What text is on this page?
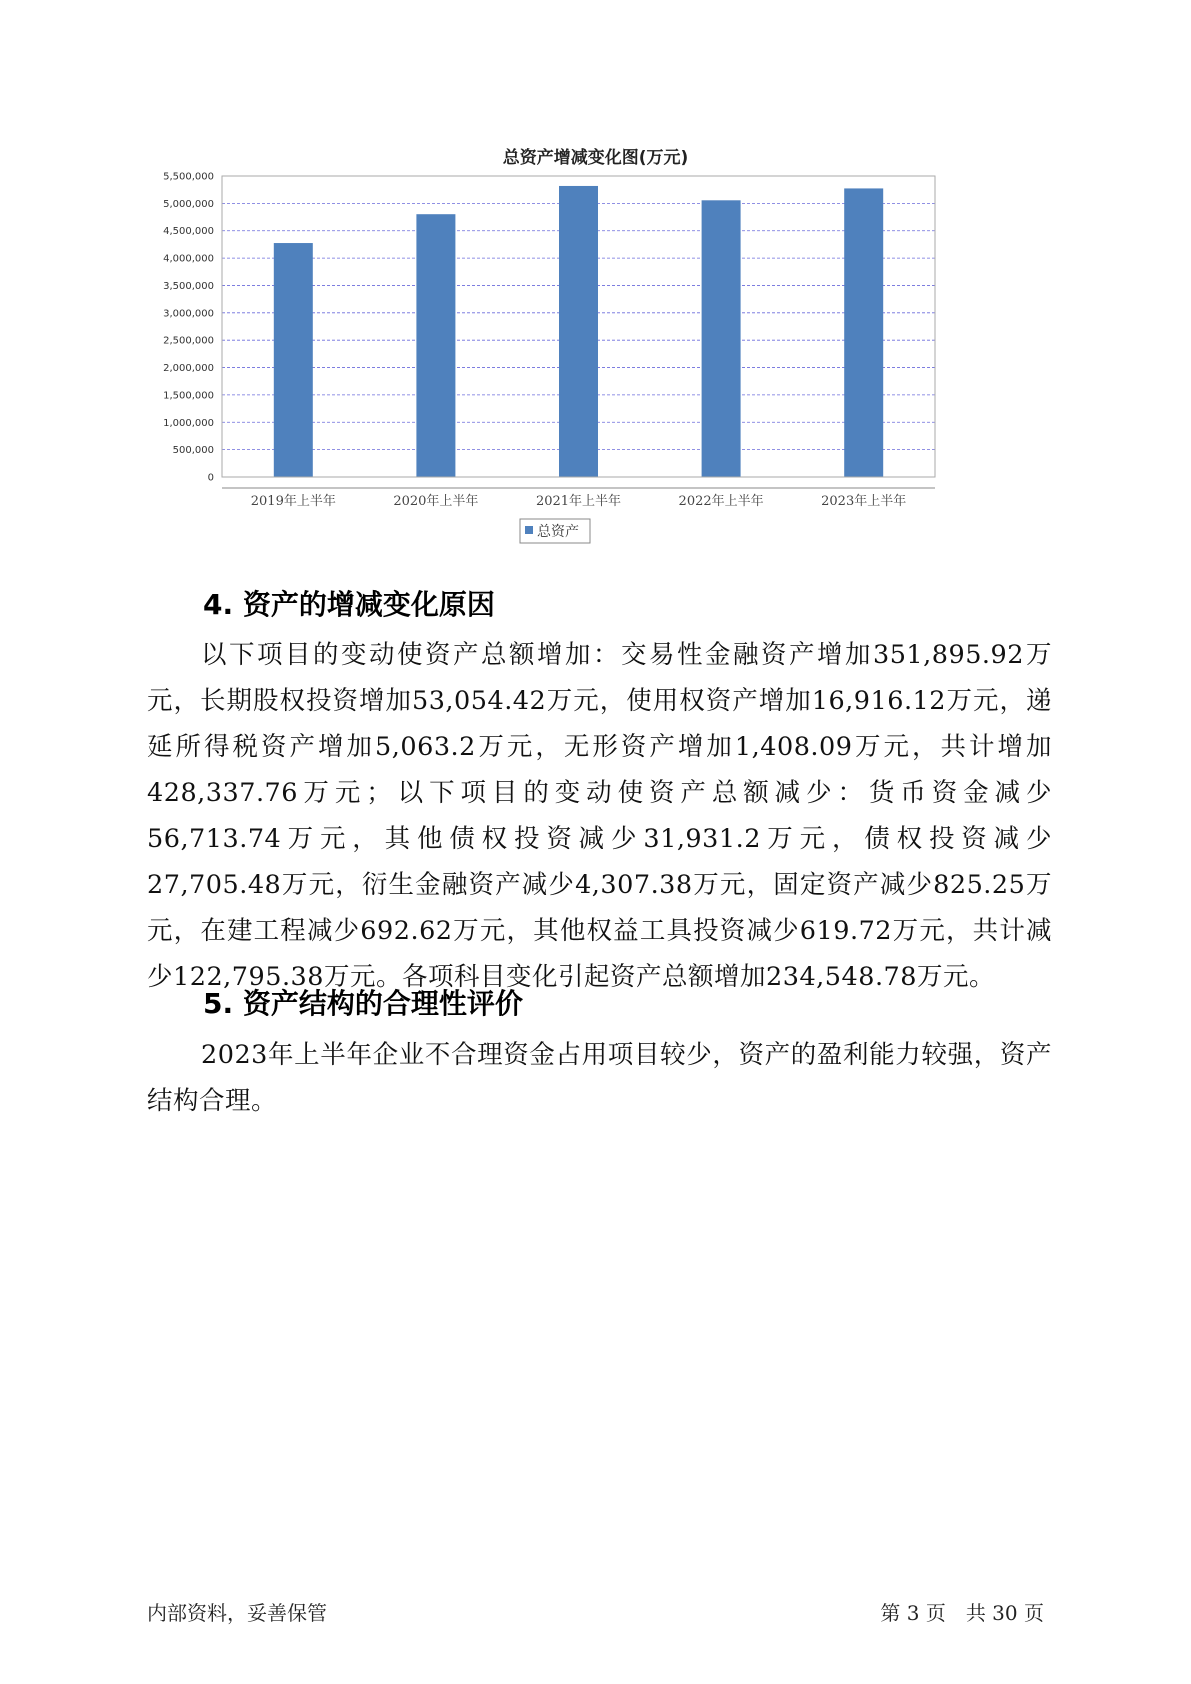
总资产增减变化图(万元)
0
500,000
1,000,000
1,500,000
2,000,000
2,500,000
3,000,000
3,500,000
4,000,000
4,500,000
5,000,000
5,500,000
2019年上半年	2020年上半年	2021年上半年	2022年上半年	2023年上半年
总资产
4. 资产的增减变化原因

以下项目的变动使资产总额增加：交易性金融资产增加351,895.92万元，长期股权投资增加53,054.42万元，使用权资产增加16,916.12万元，递延所得税资产增加5,063.2万元，无形资产增加1,408.09万元，共计增加428,337.76万元；以下项目的变动使资产总额减少：货币资金减少56,713.74万元，其他债权投资减少31,931.2万元，债权投资减少27,705.48万元，衍生金融资产减少4,307.38万元，固定资产减少825.25万元，在建工程减少692.62万元，其他权益工具投资减少619.72万元，共计减少122,795.38万元。各项科目变化引起资产总额增加234,548.78万元。

5. 资产结构的合理性评价

2023年上半年企业不合理资金占用项目较少，资产的盈利能力较强，资产结构合理。

内部资料，妥善保管	第 3 页　共 30 页
